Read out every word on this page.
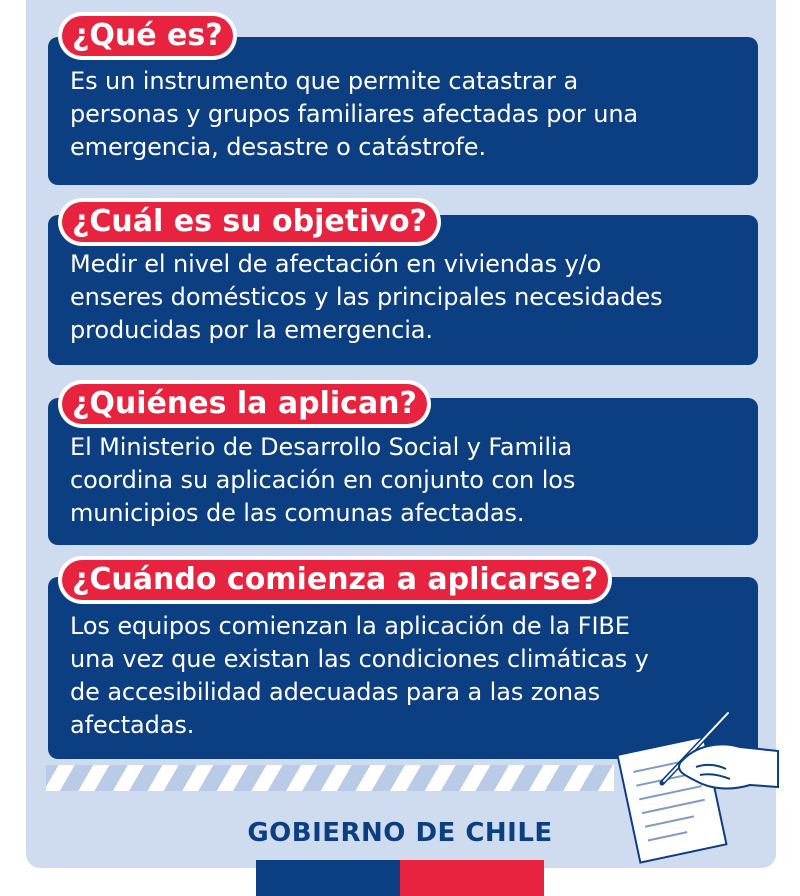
Es un instrumento que permite catastrar a
personas y grupos familiares afectadas por una
emergencia, desastre o catástrofe.
¿Qué es?
Medir el nivel de afectación en viviendas y/o
enseres domésticos y las principales necesidades
producidas por la emergencia.
¿Cuál es su objetivo?
El Ministerio de Desarrollo Social y Familia
coordina su aplicación en conjunto con los
municipios de las comunas afectadas.
¿Quiénes la aplican?
Los equipos comienzan la aplicación de la FIBE
una vez que existan las condiciones climáticas y
de accesibilidad adecuadas para a las zonas
afectadas.
¿Cuándo comienza a aplicarse?
GOBIERNO DE CHILE
